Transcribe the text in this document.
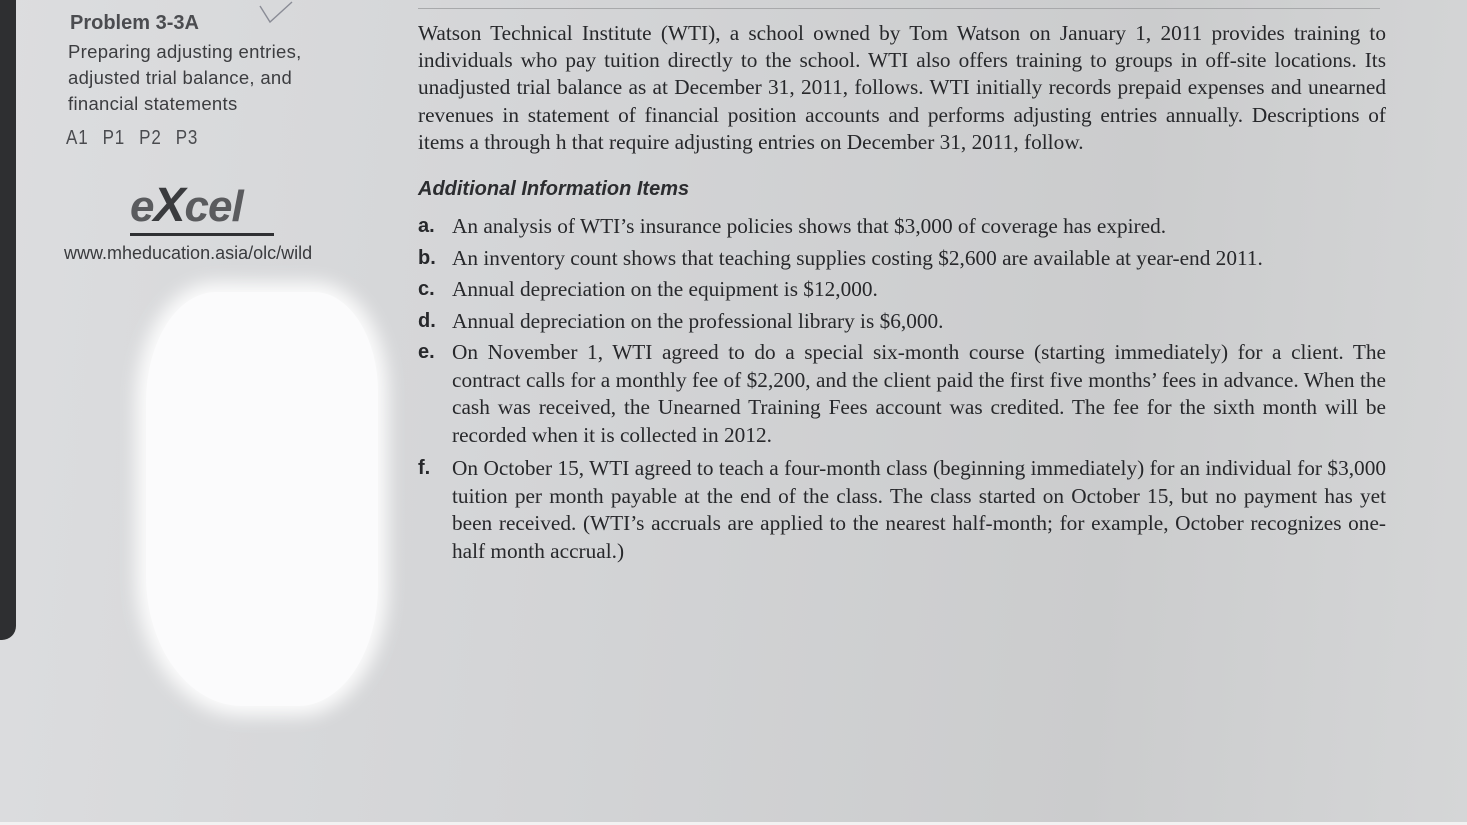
Problem 3-3A
Preparing adjusting entries,
adjusted trial balance, and
financial statements
A1 P1 P2 P3
eXcel
www.mheducation.asia/olc/wild

Watson Technical Institute (WTI), a school owned by Tom Watson on January 1, 2011 provides training to individuals who pay tuition directly to the school. WTI also offers training to groups in off-site locations. Its unadjusted trial balance as at December 31, 2011, follows. WTI initially records prepaid expenses and unearned revenues in statement of financial position accounts and performs adjusting entries annually. Descriptions of items a through h that require adjusting entries on December 31, 2011, follow.

Additional Information Items
a. An analysis of WTI’s insurance policies shows that $3,000 of coverage has expired.
b. An inventory count shows that teaching supplies costing $2,600 are available at year-end 2011.
c. Annual depreciation on the equipment is $12,000.
d. Annual depreciation on the professional library is $6,000.
e. On November 1, WTI agreed to do a special six-month course (starting immediately) for a client. The contract calls for a monthly fee of $2,200, and the client paid the first five months’ fees in advance. When the cash was received, the Unearned Training Fees account was credited. The fee for the sixth month will be recorded when it is collected in 2012.
f.	On October 15, WTI agreed to teach a four-month class (beginning immediately) for an individual for $3,000 tuition per month payable at the end of the class. The class started on October 15, but no payment has yet been received. (WTI’s accruals are applied to the nearest half-month; for example, October recognizes one-half month accrual.)
